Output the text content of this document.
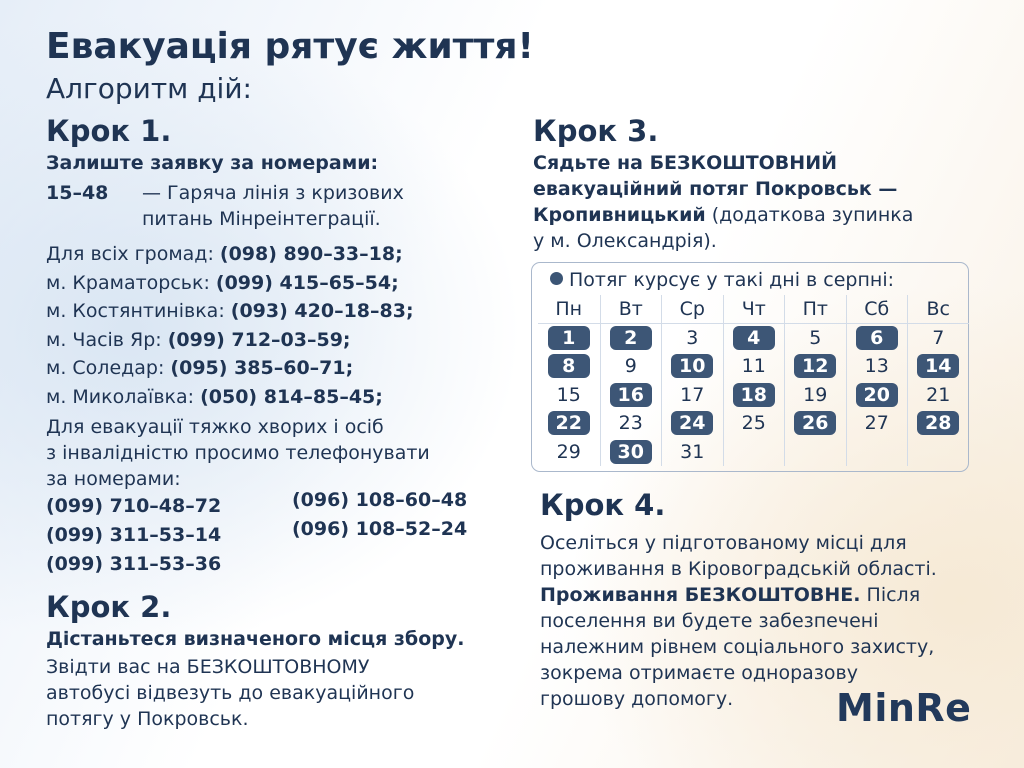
Евакуація рятує життя!
Алгоритм дій:
Крок 1.
Залиште заявку за номерами:
15–48 — Гаряча лінія з кризових
питань Мінреінтеграції.
Для всіх громад: (098) 890–33–18;
м. Краматорськ: (099) 415–65–54;
м. Костянтинівка: (093) 420–18–83;
м. Часів Яр: (099) 712–03–59;
м. Соледар: (095) 385–60–71;
м. Миколаївка: (050) 814–85–45;
Для евакуації тяжко хворих і осіб
з інвалідністю просимо телефонувати
за номерами:
(099) 710–48–72
(099) 311–53–14
(099) 311–53–36
(096) 108–60–48
(096) 108–52–24
Крок 2.
Дістаньтеся визначеного місця збору.
Звідти вас на БЕЗКОШТОВНОМУ
автобусі відвезуть до евакуаційного
потягу у Покровськ.
Крок 3.
Сядьте на БЕЗКОШТОВНИЙ
евакуаційний потяг Покровськ —
Кропивницький (додаткова зупинка
у м. Олександрія).
Потяг курсує у такі дні в серпні:
Пн	Вт	Ср	Чт	Пт	Сб	Вс
1	2	3	4	5	6	7
8	9	10	11	12	13	14
15	16	17	18	19	20	21
22	23	24	25	26	27	28
29	30	31
Крок 4.
Оселіться у підготованому місці для
проживання в Кіровоградській області.
Проживання БЕЗКОШТОВНЕ. Після
поселення ви будете забезпечені
належним рівнем соціального захисту,
зокрема отримаєте одноразову
грошову допомогу.	MinRe
